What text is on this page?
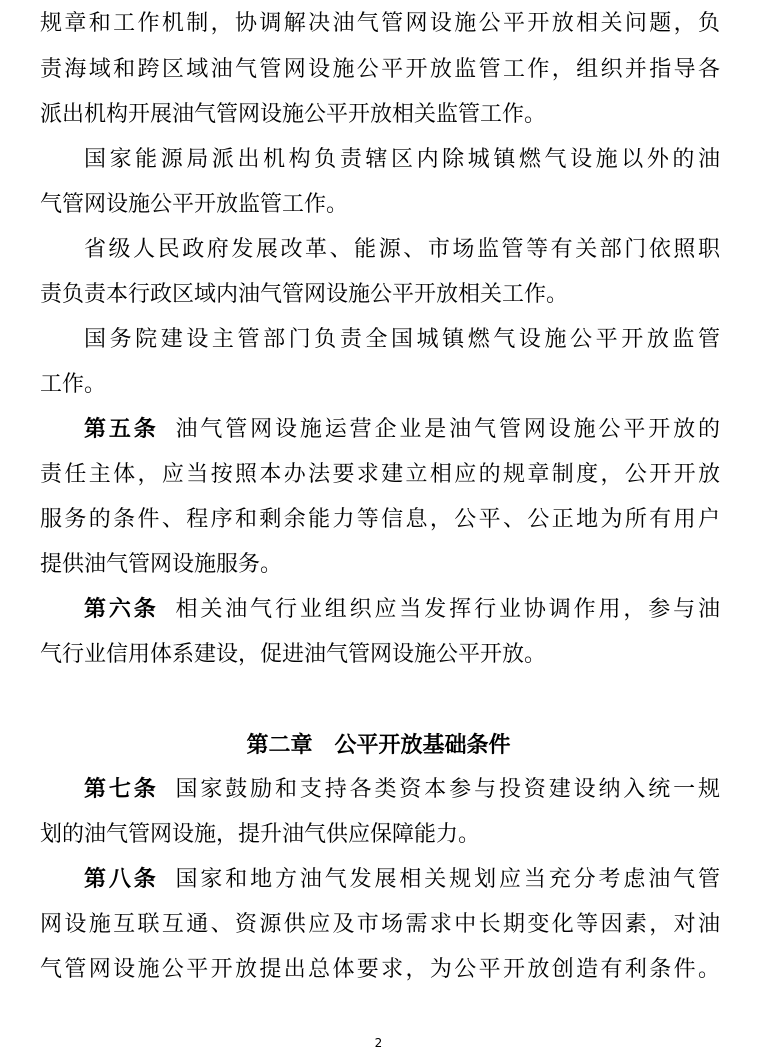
规章和工作机制，协调解决油气管网设施公平开放相关问题，负
责海域和跨区域油气管网设施公平开放监管工作，组织并指导各
派出机构开展油气管网设施公平开放相关监管工作。
国家能源局派出机构负责辖区内除城镇燃气设施以外的油
气管网设施公平开放监管工作。
省级人民政府发展改革、能源、市场监管等有关部门依照职
责负责本行政区域内油气管网设施公平开放相关工作。
国务院建设主管部门负责全国城镇燃气设施公平开放监管
工作。
第五条 油气管网设施运营企业是油气管网设施公平开放的
责任主体，应当按照本办法要求建立相应的规章制度，公开开放
服务的条件、程序和剩余能力等信息，公平、公正地为所有用户
提供油气管网设施服务。
第六条 相关油气行业组织应当发挥行业协调作用，参与油
气行业信用体系建设，促进油气管网设施公平开放。
第二章　公平开放基础条件
第七条 国家鼓励和支持各类资本参与投资建设纳入统一规
划的油气管网设施，提升油气供应保障能力。
第八条 国家和地方油气发展相关规划应当充分考虑油气管
网设施互联互通、资源供应及市场需求中长期变化等因素，对油
气管网设施公平开放提出总体要求，为公平开放创造有利条件。
2
